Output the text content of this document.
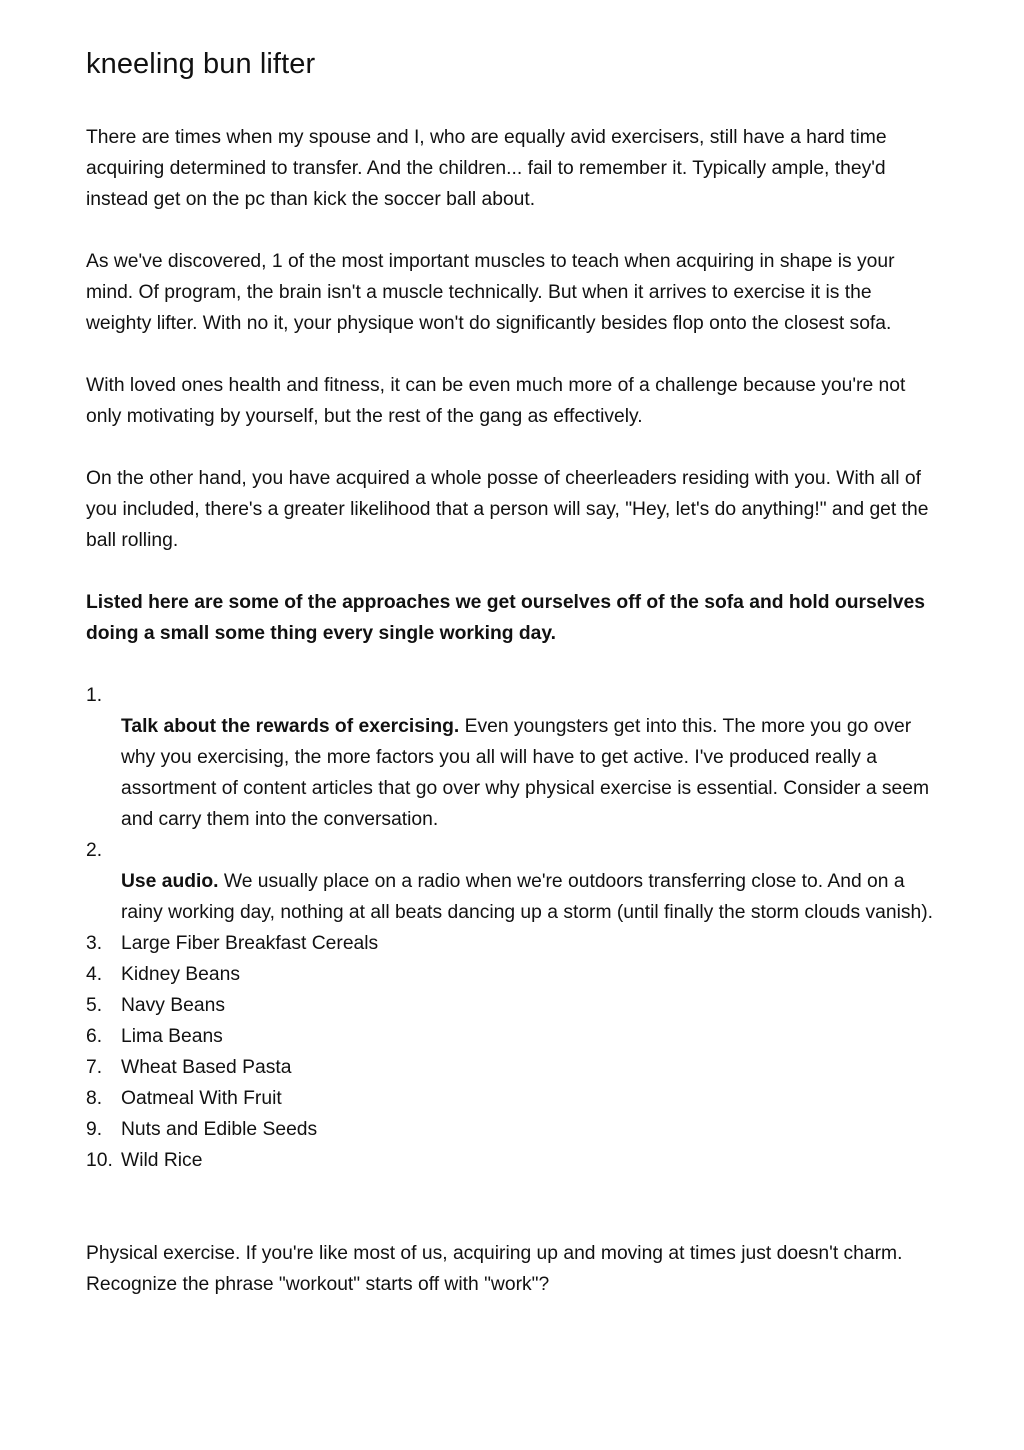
kneeling bun lifter

There are times when my spouse and I, who are equally avid exercisers, still have a hard time acquiring determined to transfer. And the children... fail to remember it. Typically ample, they'd instead get on the pc than kick the soccer ball about.

As we've discovered, 1 of the most important muscles to teach when acquiring in shape is your mind. Of program, the brain isn't a muscle technically. But when it arrives to exercise it is the weighty lifter. With no it, your physique won't do significantly besides flop onto the closest sofa.

With loved ones health and fitness, it can be even much more of a challenge because you're not only motivating by yourself, but the rest of the gang as effectively.

On the other hand, you have acquired a whole posse of cheerleaders residing with you. With all of you included, there's a greater likelihood that a person will say, "Hey, let's do anything!" and get the ball rolling.

Listed here are some of the approaches we get ourselves off of the sofa and hold ourselves doing a small some thing every single working day.

1.
Talk about the rewards of exercising. Even youngsters get into this. The more you go over why you exercising, the more factors you all will have to get active. I've produced really a assortment of content articles that go over why physical exercise is essential. Consider a seem and carry them into the conversation.
2.
Use audio. We usually place on a radio when we're outdoors transferring close to. And on a rainy working day, nothing at all beats dancing up a storm (until finally the storm clouds vanish).
3. Large Fiber Breakfast Cereals
4. Kidney Beans
5. Navy Beans
6. Lima Beans
7. Wheat Based Pasta
8. Oatmeal With Fruit
9. Nuts and Edible Seeds
10. Wild Rice

Physical exercise. If you're like most of us, acquiring up and moving at times just doesn't charm. Recognize the phrase "workout" starts off with "work"?
